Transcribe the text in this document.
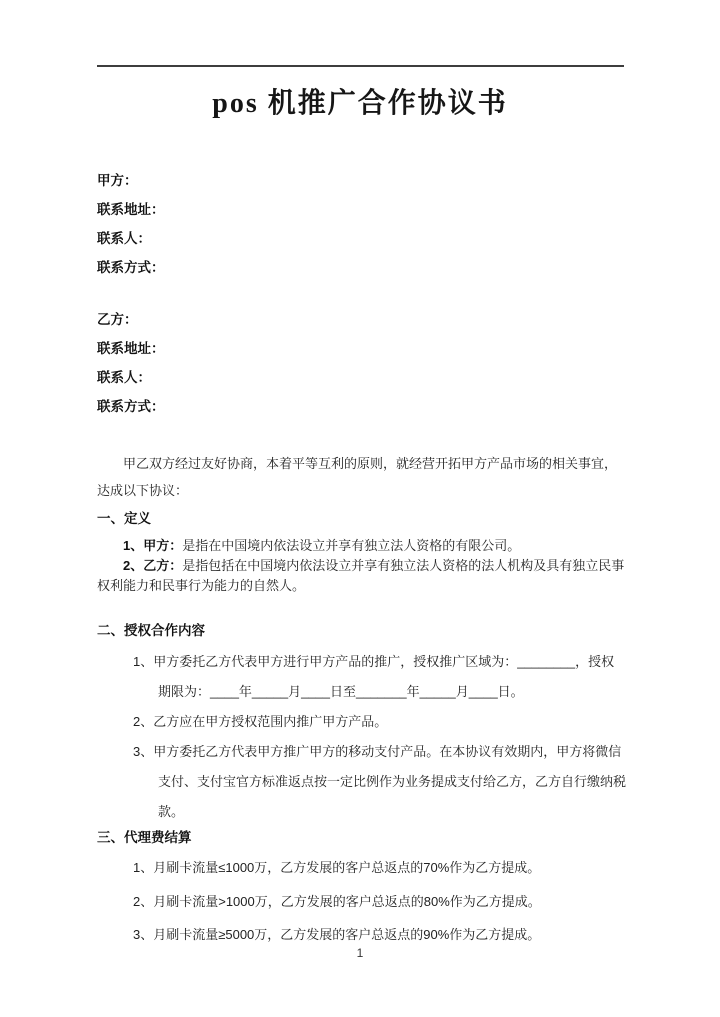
pos 机推广合作协议书

甲方：

联系地址：

联系人：

联系方式：

乙方：

联系地址：

联系人：

联系方式：

甲乙双方经过友好协商，本着平等互利的原则，就经营开拓甲方产品市场的相关事宜，达成以下协议：

一、定义

1、甲方：是指在中国境内依法设立并享有独立法人资格的有限公司。

2、乙方：是指包括在中国境内依法设立并享有独立法人资格的法人机构及具有独立民事权利能力和民事行为能力的自然人。

二、授权合作内容

1、甲方委托乙方代表甲方进行甲方产品的推广，授权推广区域为：________，授权期限为：____年_____月____日至_______年_____月____日。

2、乙方应在甲方授权范围内推广甲方产品。

3、甲方委托乙方代表甲方推广甲方的移动支付产品。在本协议有效期内，甲方将微信支付、支付宝官方标准返点按一定比例作为业务提成支付给乙方，乙方自行缴纳税款。

三、代理费结算

1、月刷卡流量≤1000万，乙方发展的客户总返点的70%作为乙方提成。

2、月刷卡流量>1000万，乙方发展的客户总返点的80%作为乙方提成。

3、月刷卡流量≥5000万，乙方发展的客户总返点的90%作为乙方提成。

1
